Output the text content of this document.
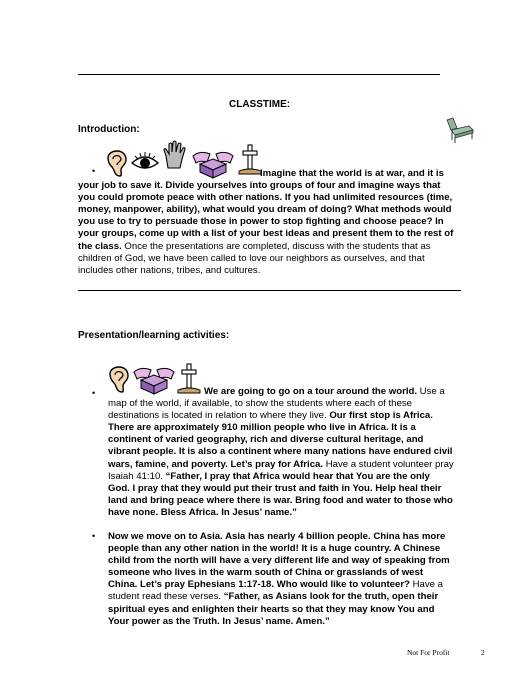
CLASSTIME:
Introduction:
•	Imagine that the world is at war, and it is your job to save it. Divide yourselves into groups of four and imagine ways that you could promote peace with other nations. If you had unlimited resources (time, money, manpower, ability), what would you dream of doing? What methods would you use to try to persuade those in power to stop fighting and choose peace? In your groups, come up with a list of your best ideas and present them to the rest of the class. Once the presentations are completed, discuss with the students that as children of God, we have been called to love our neighbors as ourselves, and that includes other nations, tribes, and cultures.
Presentation/learning activities:
•	We are going to go on a tour around the world. Use a map of the world, if available, to show the students where each of these destinations is located in relation to where they live. Our first stop is Africa. There are approximately 910 million people who live in Africa. It is a continent of varied geography, rich and diverse cultural heritage, and vibrant people. It is also a continent where many nations have endured civil wars, famine, and poverty. Let’s pray for Africa. Have a student volunteer pray Isaiah 41:10. “Father, I pray that Africa would hear that You are the only God. I pray that they would put their trust and faith in You. Help heal their land and bring peace where there is war. Bring food and water to those who have none. Bless Africa. In Jesus’ name.”
• Now we move on to Asia. Asia has nearly 4 billion people. China has more people than any other nation in the world! It is a huge country. A Chinese child from the north will have a very different life and way of speaking from someone who lives in the warm south of China or grasslands of west China. Let’s pray Ephesians 1:17-18. Who would like to volunteer? Have a student read these verses. “Father, as Asians look for the truth, open their spiritual eyes and enlighten their hearts so that they may know You and Your power as the Truth. In Jesus’ name. Amen.”
Not For Profit	2
